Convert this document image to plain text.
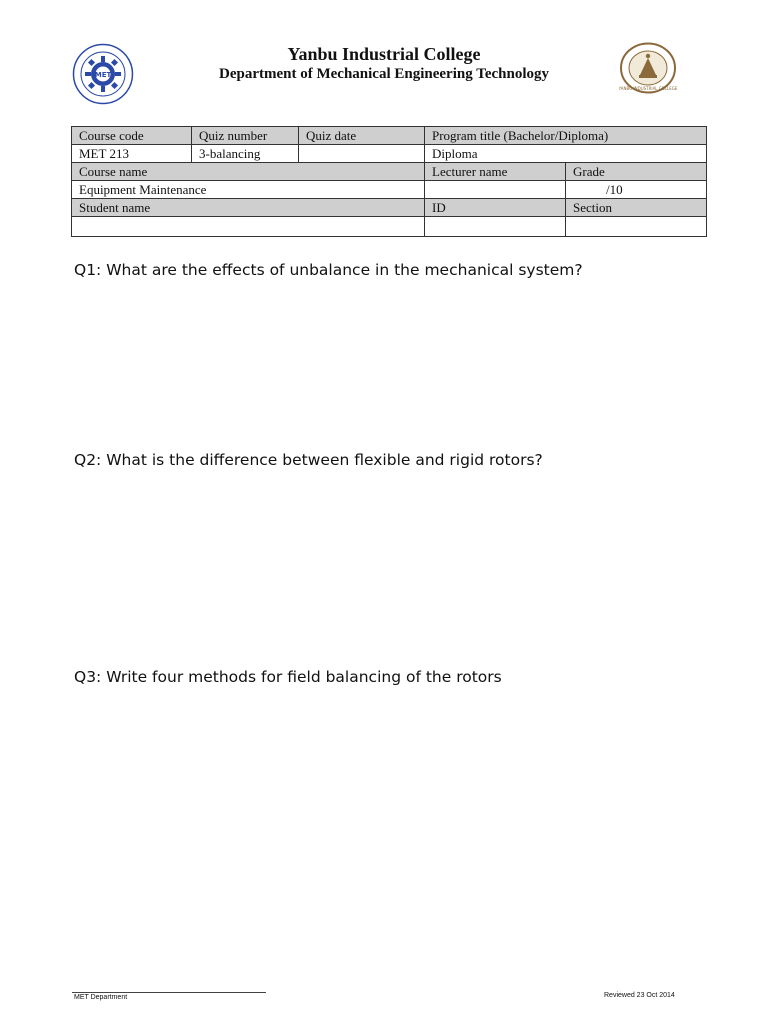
MET
YANBU INDUSTRIAL COLLEGE
Yanbu Industrial College
Department of Mechanical Engineering Technology
Course code	Quiz number	Quiz date	Program title (Bachelor/Diploma)	
MET 213	3-balancing		Diploma	
Course name			Lecturer name	Grade
Equipment Maintenance				/10
Student name			ID	Section

Q1: What are the effects of unbalance in the mechanical system?
Q2: What is the difference between flexible and rigid rotors?
Q3: Write four methods for field balancing of the rotors
MET Department	Reviewed 23 Oct 2014
